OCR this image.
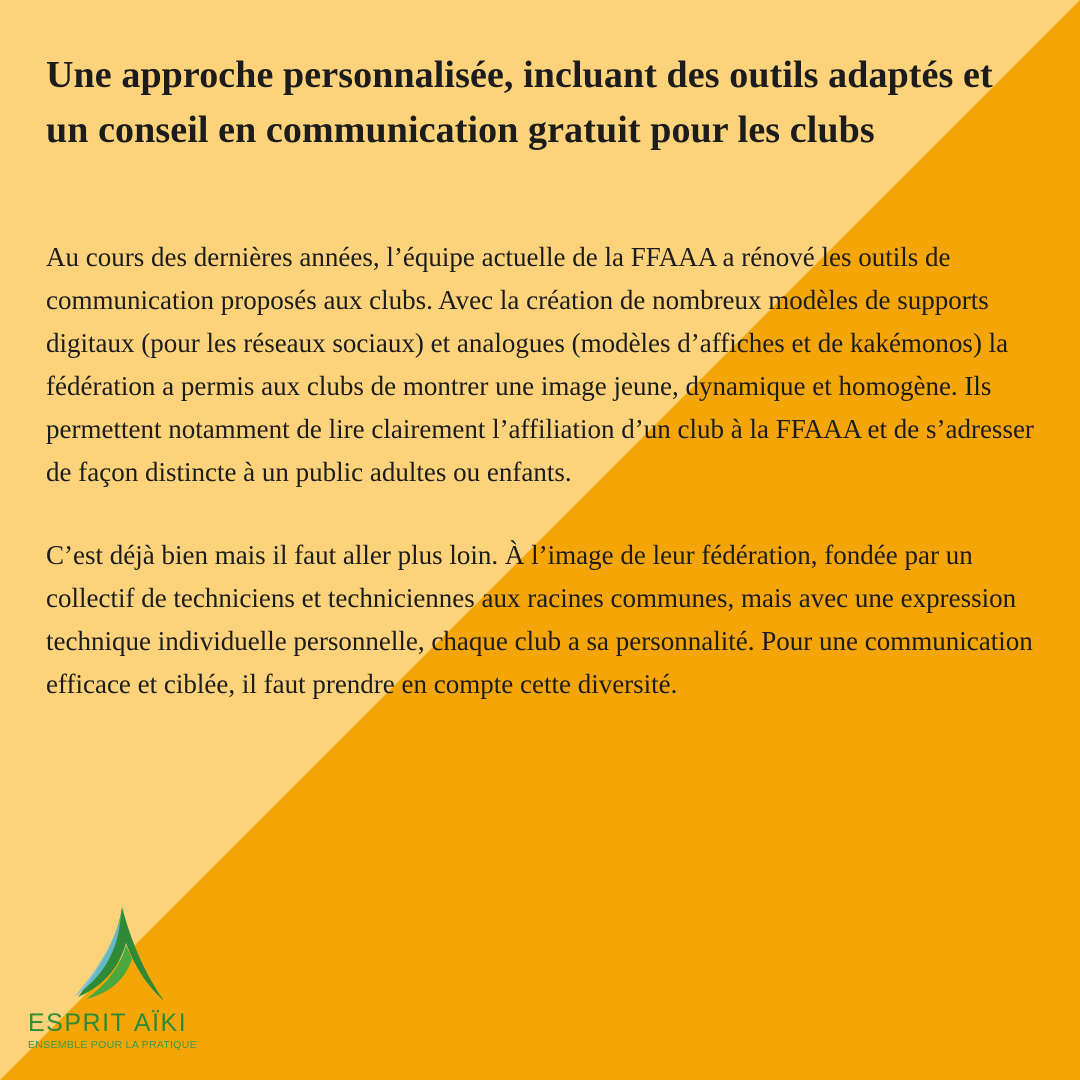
Une approche personnalisée, incluant des outils adaptés et un conseil en communication gratuit pour les clubs

Au cours des dernières années, l’équipe actuelle de la FFAAA a rénové les outils de communication proposés aux clubs. Avec la création de nombreux modèles de supports digitaux (pour les réseaux sociaux) et analogues (modèles d’affiches et de kakémonos) la fédération a permis aux clubs de montrer une image jeune, dynamique et homogène. Ils permettent notamment de lire clairement l’affiliation d’un club à la FFAAA et de s’adresser de façon distincte à un public adultes ou enfants.

C’est déjà bien mais il faut aller plus loin. À l’image de leur fédération, fondée par un collectif de techniciens et techniciennes aux racines communes, mais avec une expression technique individuelle personnelle, chaque club a sa personnalité. Pour une communication efficace et ciblée, il faut prendre en compte cette diversité.

ESPRIT AÏKI
ENSEMBLE POUR LA PRATIQUE
